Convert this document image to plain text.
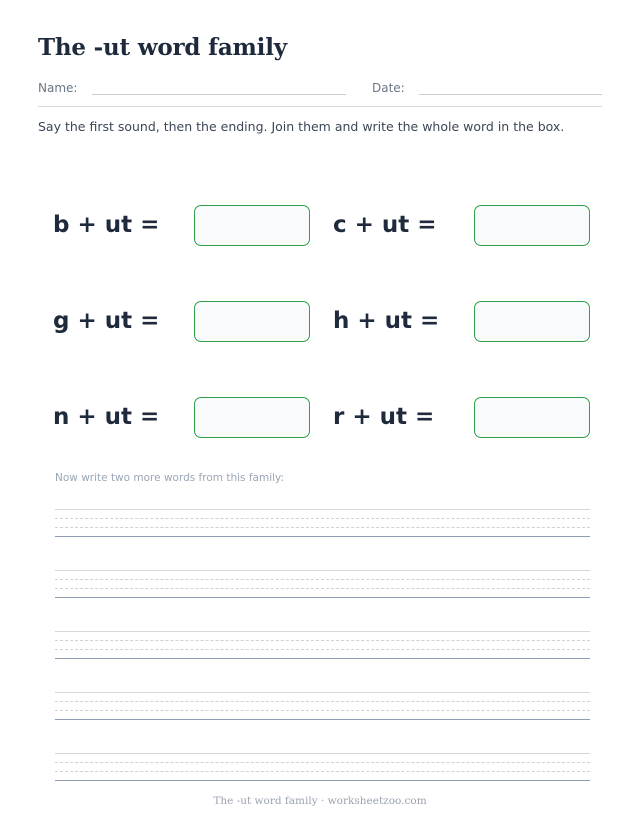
The -ut word family
Name:	Date:
Say the first sound, then the ending. Join them and write the whole word in the box.
b + ut =	c + ut =
g + ut =	h + ut =
n + ut =	r + ut =
Now write two more words from this family:
The -ut word family · worksheetzoo.com
